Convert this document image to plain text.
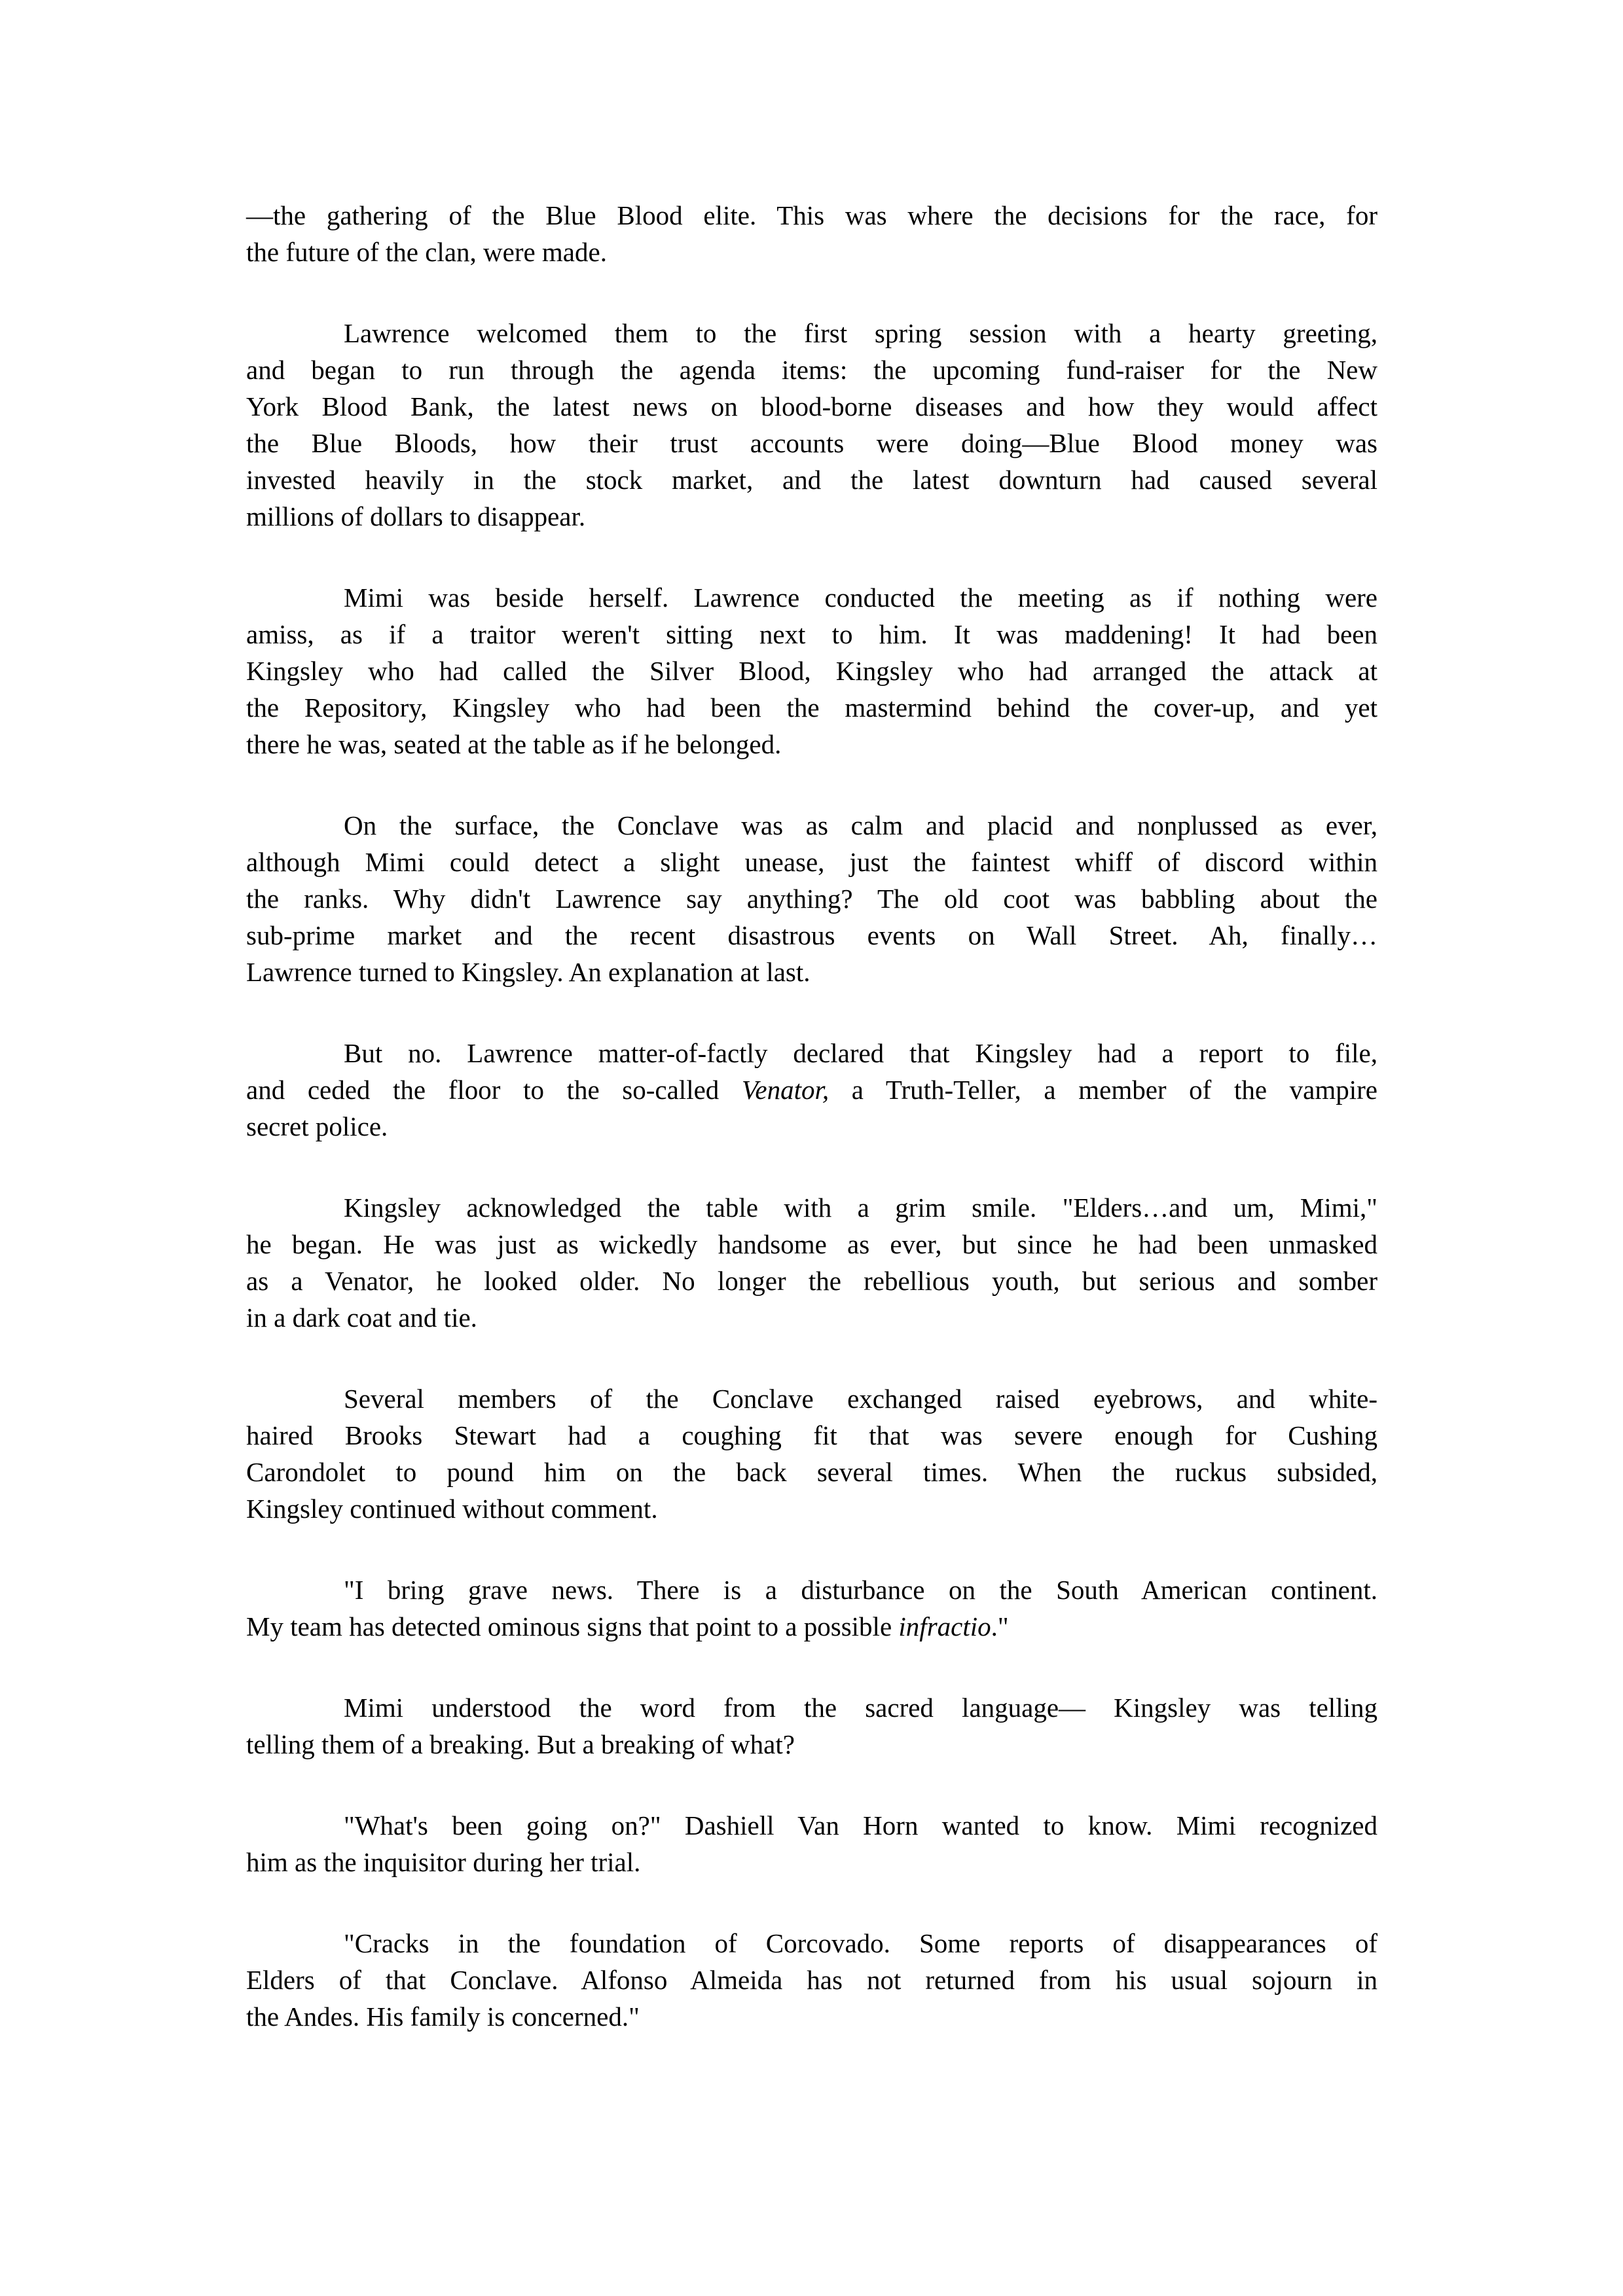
—the gathering of the Blue Blood elite. This was where the decisions for the race, for
the future of the clan, were made.
Lawrence welcomed them to the first spring session with a hearty greeting,
and began to run through the agenda items: the upcoming fund-raiser for the New
York Blood Bank, the latest news on blood-borne diseases and how they would affect
the Blue Bloods, how their trust accounts were doing—Blue Blood money was
invested heavily in the stock market, and the latest downturn had caused several
millions of dollars to disappear.
Mimi was beside herself. Lawrence conducted the meeting as if nothing were
amiss, as if a traitor weren't sitting next to him. It was maddening! It had been
Kingsley who had called the Silver Blood, Kingsley who had arranged the attack at
the Repository, Kingsley who had been the mastermind behind the cover-up, and yet
there he was, seated at the table as if he belonged.
On the surface, the Conclave was as calm and placid and nonplussed as ever,
although Mimi could detect a slight unease, just the faintest whiff of discord within
the ranks. Why didn't Lawrence say anything? The old coot was babbling about the
sub-prime market and the recent disastrous events on Wall Street. Ah, finally…
Lawrence turned to Kingsley. An explanation at last.
But no. Lawrence matter-of-factly declared that Kingsley had a report to file,
and ceded the floor to the so-called Venator, a Truth-Teller, a member of the vampire
secret police.
Kingsley acknowledged the table with a grim smile. "Elders…and um, Mimi,"
he began. He was just as wickedly handsome as ever, but since he had been unmasked
as a Venator, he looked older. No longer the rebellious youth, but serious and somber
in a dark coat and tie.
Several members of the Conclave exchanged raised eyebrows, and white-
haired Brooks Stewart had a coughing fit that was severe enough for Cushing
Carondolet to pound him on the back several times. When the ruckus subsided,
Kingsley continued without comment.
"I bring grave news. There is a disturbance on the South American continent.
My team has detected ominous signs that point to a possible infractio."
Mimi understood the word from the sacred language— Kingsley was telling
telling them of a breaking. But a breaking of what?
"What's been going on?" Dashiell Van Horn wanted to know. Mimi recognized
him as the inquisitor during her trial.
"Cracks in the foundation of Corcovado. Some reports of disappearances of
Elders of that Conclave. Alfonso Almeida has not returned from his usual sojourn in
the Andes. His family is concerned."
